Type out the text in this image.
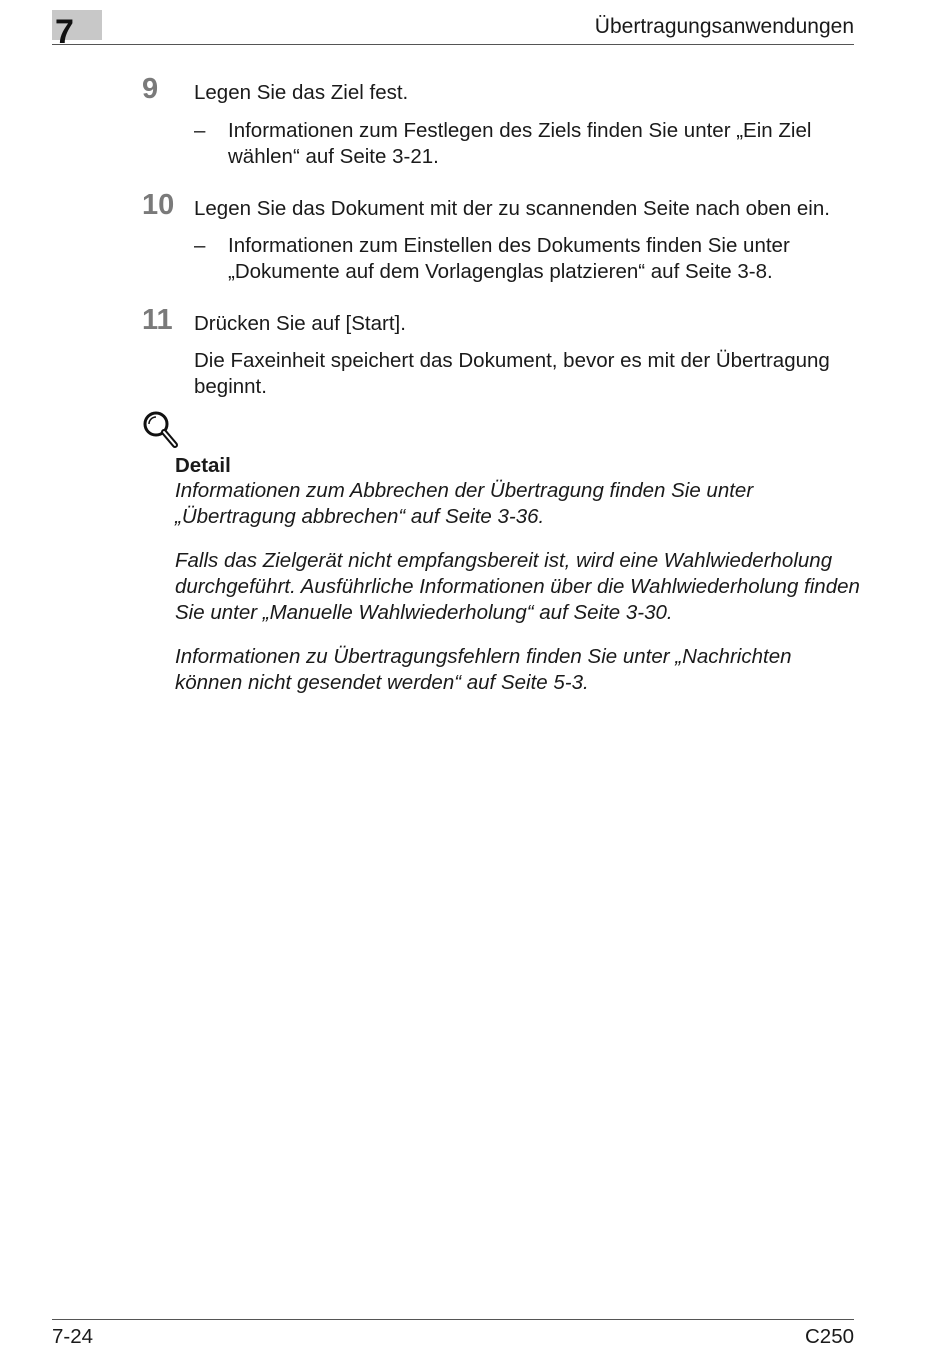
7	Übertragungsanwendungen
9 Legen Sie das Ziel fest.

– Informationen zum Festlegen des Ziels finden Sie unter „Ein Ziel wählen“ auf Seite 3-21.

10 Legen Sie das Dokument mit der zu scannenden Seite nach oben ein.

– Informationen zum Einstellen des Dokuments finden Sie unter „Dokumente auf dem Vorlagenglas platzieren“ auf Seite 3-8.

11 Drücken Sie auf [Start].

Die Faxeinheit speichert das Dokument, bevor es mit der Übertragung beginnt.

Detail

Informationen zum Abbrechen der Übertragung finden Sie unter „Übertragung abbrechen“ auf Seite 3-36.

Falls das Zielgerät nicht empfangsbereit ist, wird eine Wahlwiederholung durchgeführt. Ausführliche Informationen über die Wahlwiederholung finden Sie unter „Manuelle Wahlwiederholung“ auf Seite 3-30.

Informationen zu Übertragungsfehlern finden Sie unter „Nachrichten können nicht gesendet werden“ auf Seite 5-3.

7-24	C250
